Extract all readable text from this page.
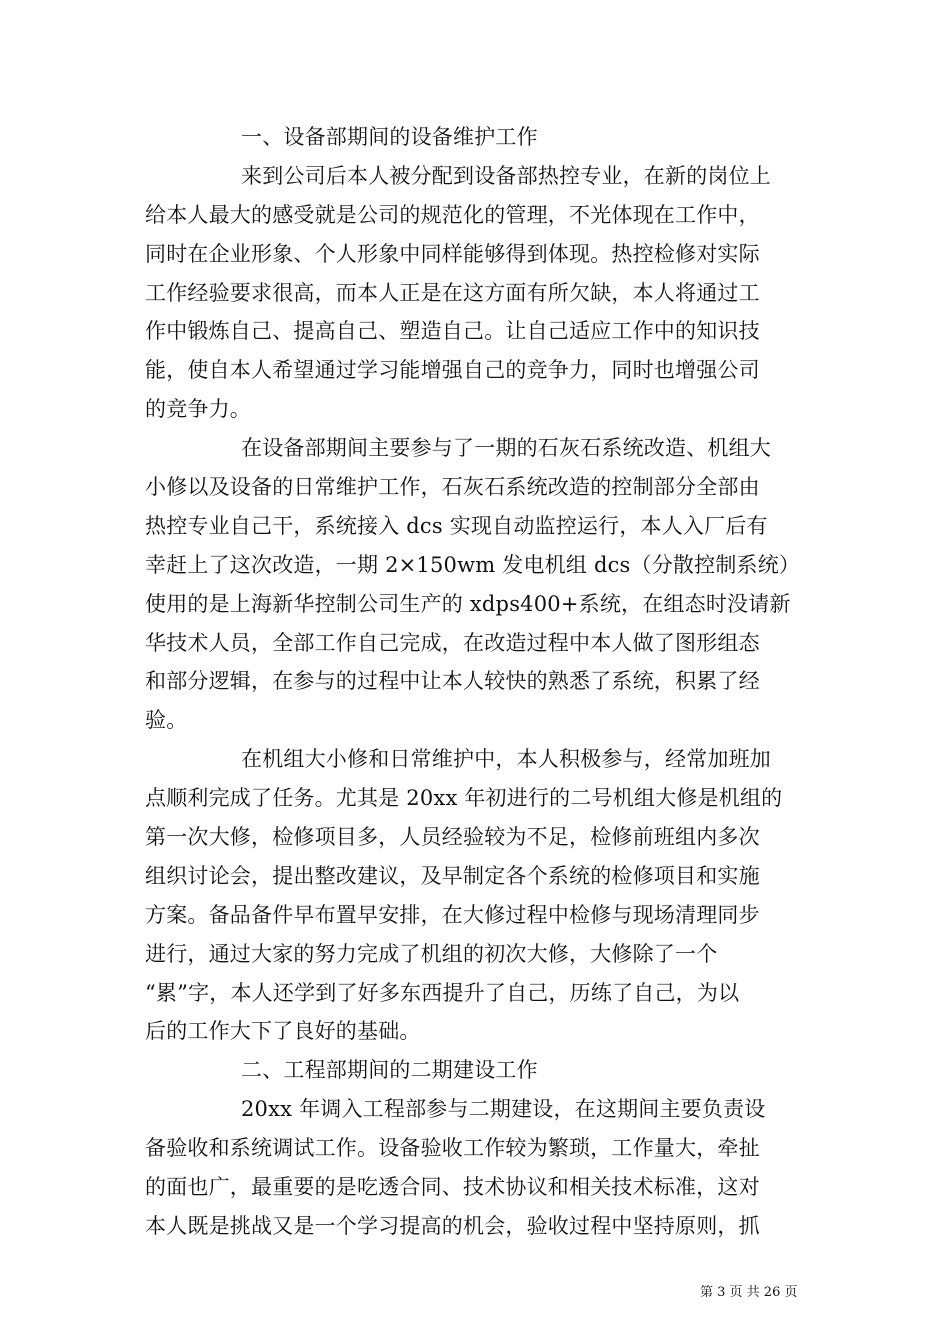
一、设备部期间的设备维护工作
来到公司后本人被分配到设备部热控专业，在新的岗位上
给本人最大的感受就是公司的规范化的管理，不光体现在工作中，
同时在企业形象、个人形象中同样能够得到体现。热控检修对实际
工作经验要求很高，而本人正是在这方面有所欠缺，本人将通过工
作中锻炼自己、提高自己、塑造自己。让自己适应工作中的知识技
能，使自本人希望通过学习能增强自己的竞争力，同时也增强公司
的竞争力。
在设备部期间主要参与了一期的石灰石系统改造、机组大
小修以及设备的日常维护工作，石灰石系统改造的控制部分全部由
热控专业自己干，系统接入 dcs 实现自动监控运行，本人入厂后有
幸赶上了这次改造，一期 2×150wm 发电机组 dcs（分散控制系统）
使用的是上海新华控制公司生产的 xdps400+系统，在组态时没请新
华技术人员，全部工作自己完成，在改造过程中本人做了图形组态
和部分逻辑，在参与的过程中让本人较快的熟悉了系统，积累了经
验。
在机组大小修和日常维护中，本人积极参与，经常加班加
点顺利完成了任务。尤其是 20xx 年初进行的二号机组大修是机组的
第一次大修，检修项目多，人员经验较为不足，检修前班组内多次
组织讨论会，提出整改建议，及早制定各个系统的检修项目和实施
方案。备品备件早布置早安排，在大修过程中检修与现场清理同步
进行，通过大家的努力完成了机组的初次大修，大修除了一个
“累”字，本人还学到了好多东西提升了自己，历练了自己，为以
后的工作大下了良好的基础。
二、工程部期间的二期建设工作
20xx 年调入工程部参与二期建设，在这期间主要负责设
备验收和系统调试工作。设备验收工作较为繁琐，工作量大，牵扯
的面也广，最重要的是吃透合同、技术协议和相关技术标准，这对
本人既是挑战又是一个学习提高的机会，验收过程中坚持原则，抓
第 3 页 共 26 页
